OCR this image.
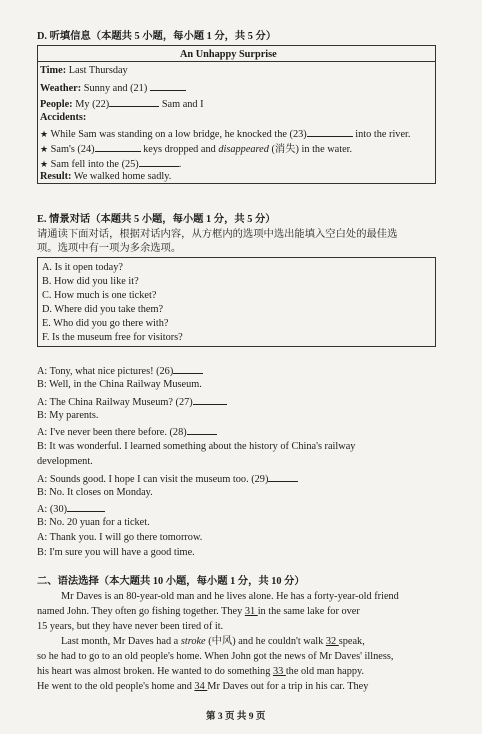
D. 听填信息（本题共 5 小题，每小题 1 分，共 5 分）
An Unhappy Surprise
Time: Last Thursday
Weather: Sunny and (21)
People: My (22)	Sam and I
Accidents:
★ While Sam was standing on a low bridge, he knocked the (23)	into the river.
★ Sam's (24)	keys dropped and disappeared (消失) in the water.
★ Sam fell into the (25)	.
Result: We walked home sadly.
E. 情景对话（本题共 5 小题，每小题 1 分，共 5 分）
请通读下面对话，根据对话内容，从方框内的选项中选出能填入空白处的最佳选
项。选项中有一项为多余选项。
A. Is it open today?
B. How did you like it?
C. How much is one ticket?
D. Where did you take them?
E. Who did you go there with?
F. Is the museum free for visitors?
A: Tony, what nice pictures! (26)
B: Well, in the China Railway Museum.
A: The China Railway Museum? (27)
B: My parents.
A: I've never been there before. (28)
B: It was wonderful. I learned something about the history of China's railway
development.
A: Sounds good. I hope I can visit the museum too. (29)
B: No. It closes on Monday.
A: (30)
B: No. 20 yuan for a ticket.
A: Thank you. I will go there tomorrow.
B: I'm sure you will have a good time.
二、语法选择（本大题共 10 小题，每小题 1 分，共 10 分）
Mr Daves is an 80-year-old man and he lives alone. He has a forty-year-old friend
named John. They often go fishing together. They 31 in the same lake for over
15 years, but they have never been tired of it.
Last month, Mr Daves had a stroke (中风) and he couldn't walk 32 speak,
so he had to go to an old people's home. When John got the news of Mr Daves' illness,
his heart was almost broken. He wanted to do something 33 the old man happy.
He went to the old people's home and 34 Mr Daves out for a trip in his car. They
第 3 页 共 9 页
